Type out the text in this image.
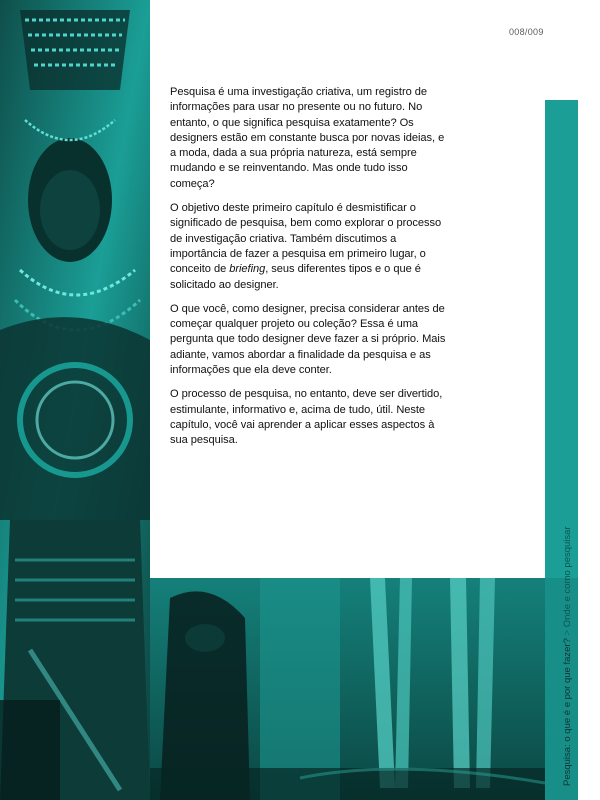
008/009

Pesquisa é uma investigação criativa, um registro de informações para usar no presente ou no futuro. No entanto, o que significa pesquisa exatamente? Os designers estão em constante busca por novas ideias, e a moda, dada a sua própria natureza, está sempre mudando e se reinventando. Mas onde tudo isso começa?

O objetivo deste primeiro capítulo é desmistificar o significado de pesquisa, bem como explorar o processo de investigação criativa. Também discutimos a importância de fazer a pesquisa em primeiro lugar, o conceito de briefing, seus diferentes tipos e o que é solicitado ao designer.

O que você, como designer, precisa considerar antes de começar qualquer projeto ou coleção? Essa é uma pergunta que todo designer deve fazer a si próprio. Mais adiante, vamos abordar a finalidade da pesquisa e as informações que ela deve conter.

O processo de pesquisa, no entanto, deve ser divertido, estimulante, informativo e, acima de tudo, útil. Neste capítulo, você vai aprender a aplicar esses aspectos à sua pesquisa.

Pesquisa: o que é e por que fazer? > Onde e como pesquisar
